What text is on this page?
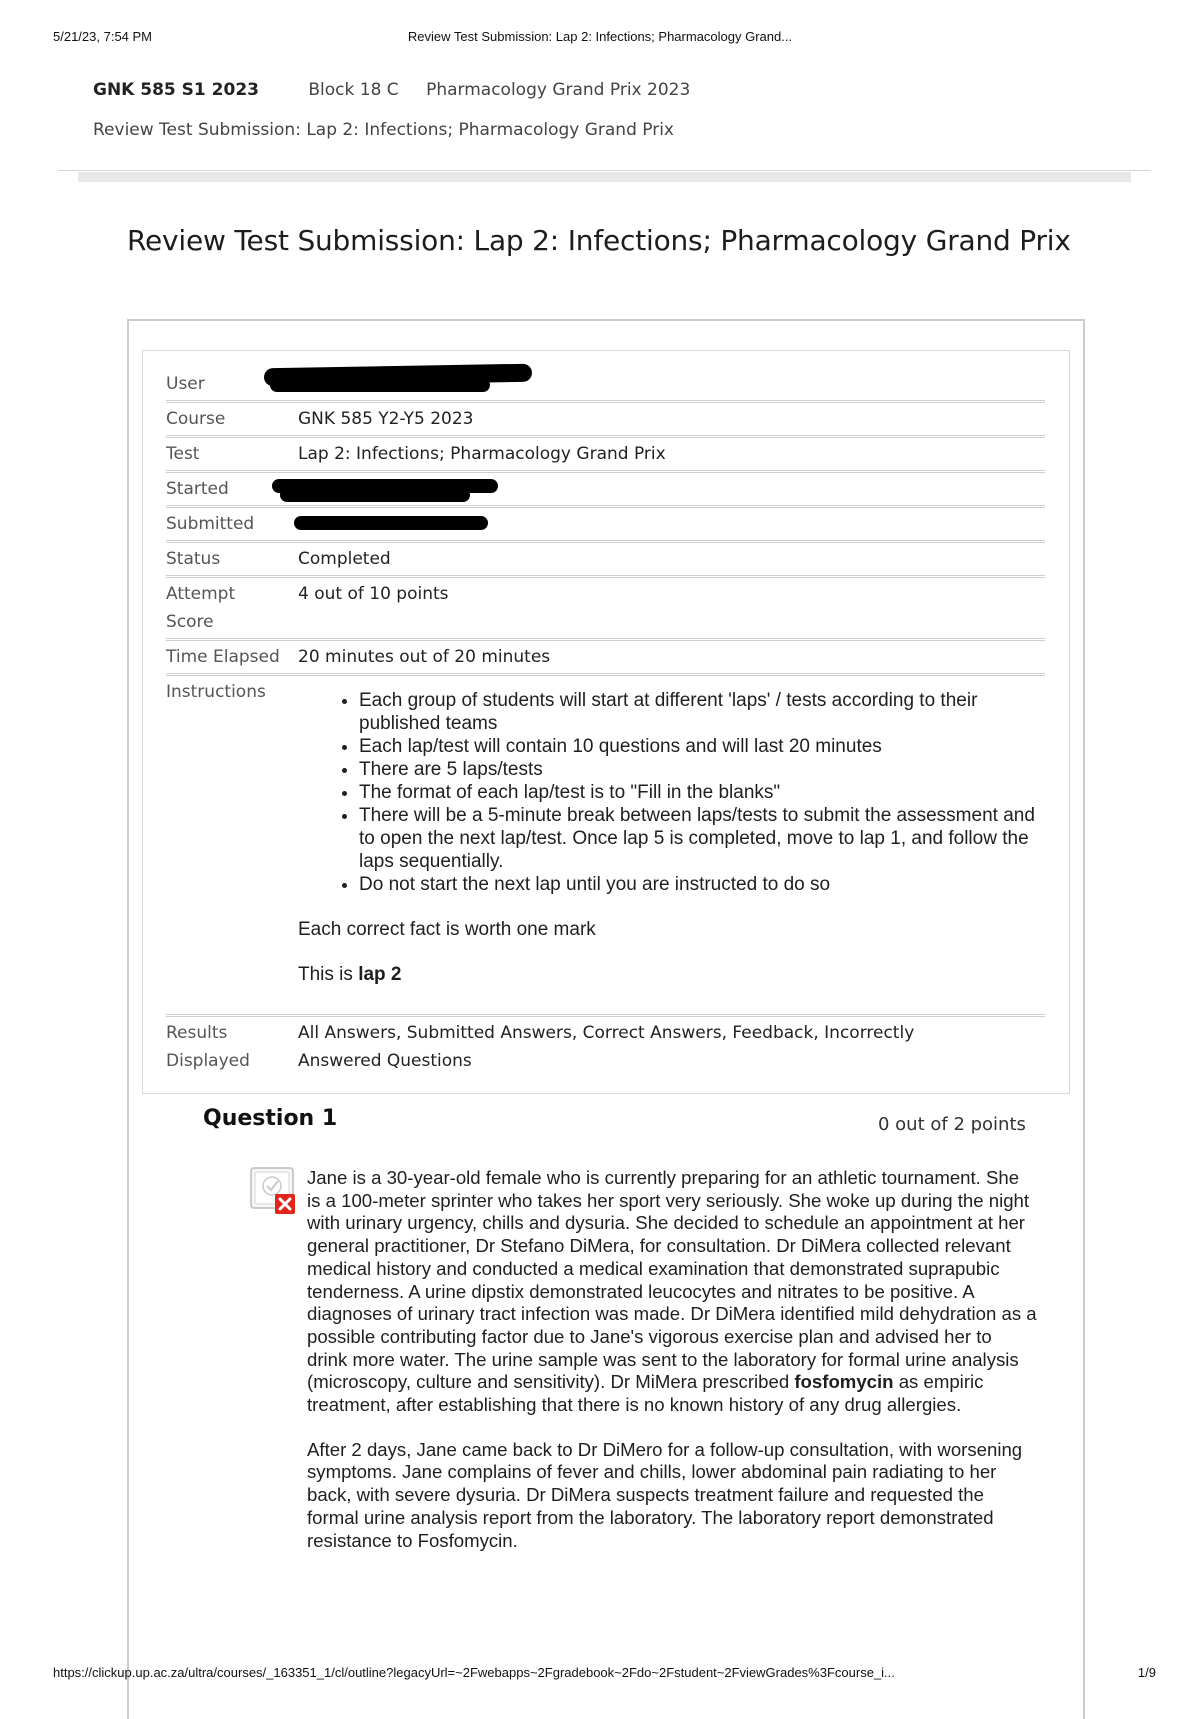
Review Test Submission: Lap 2: Infections; Pharmacology Grand...
5/21/23, 7:54 PM
GNK 585 S1 2023	Block 18 C Pharmacology Grand Prix 2023
Review Test Submission: Lap 2: Infections; Pharmacology Grand Prix
Review Test Submission: Lap 2: Infections; Pharmacology Grand Prix
User
Course	GNK 585 Y2-Y5 2023
Test	Lap 2: Infections; Pharmacology Grand Prix
Started
Submitted
Status	Completed
Attempt
Score
4 out of 10 points
Time Elapsed	20 minutes out of 20 minutes
Instructions
•	Each group of students will start at different 'laps' / tests according to their published teams
• Each lap/test will contain 10 questions and will last 20 minutes
• There are 5 laps/tests
• The format of each lap/test is to "Fill in the blanks"
• There will be a 5-minute break between laps/tests to submit the assessment and to open the next lap/test. Once lap 5 is completed, move to lap 1, and follow the laps sequentially.
• Do not start the next lap until you are instructed to do so

Each correct fact is worth one mark

This is lap 2

Results
Displayed
All Answers, Submitted Answers, Correct Answers, Feedback, Incorrectly
Answered Questions
Question 1	0 out of 2 points

Jane is a 30-year-old female who is currently preparing for an athletic tournament. She is a 100-meter sprinter who takes her sport very seriously. She woke up during the night with urinary urgency, chills and dysuria. She decided to schedule an appointment at her general practitioner, Dr Stefano DiMera, for consultation. Dr DiMera collected relevant medical history and conducted a medical examination that demonstrated suprapubic tenderness. A urine dipstix demonstrated leucocytes and nitrates to be positive. A diagnoses of urinary tract infection was made. Dr DiMera identified mild dehydration as a possible contributing factor due to Jane's vigorous exercise plan and advised her to drink more water. The urine sample was sent to the laboratory for formal urine analysis (microscopy, culture and sensitivity). Dr MiMera prescribed fosfomycin as empiric treatment, after establishing that there is no known history of any drug allergies.

After 2 days, Jane came back to Dr DiMero for a follow-up consultation, with worsening symptoms. Jane complains of fever and chills, lower abdominal pain radiating to her back, with severe dysuria. Dr DiMera suspects treatment failure and requested the formal urine analysis report from the laboratory. The laboratory report demonstrated resistance to Fosfomycin.

https://clickup.up.ac.za/ultra/courses/_163351_1/cl/outline?legacyUrl=~2Fwebapps~2Fgradebook~2Fdo~2Fstudent~2FviewGrades%3Fcourse_i...	1/9
